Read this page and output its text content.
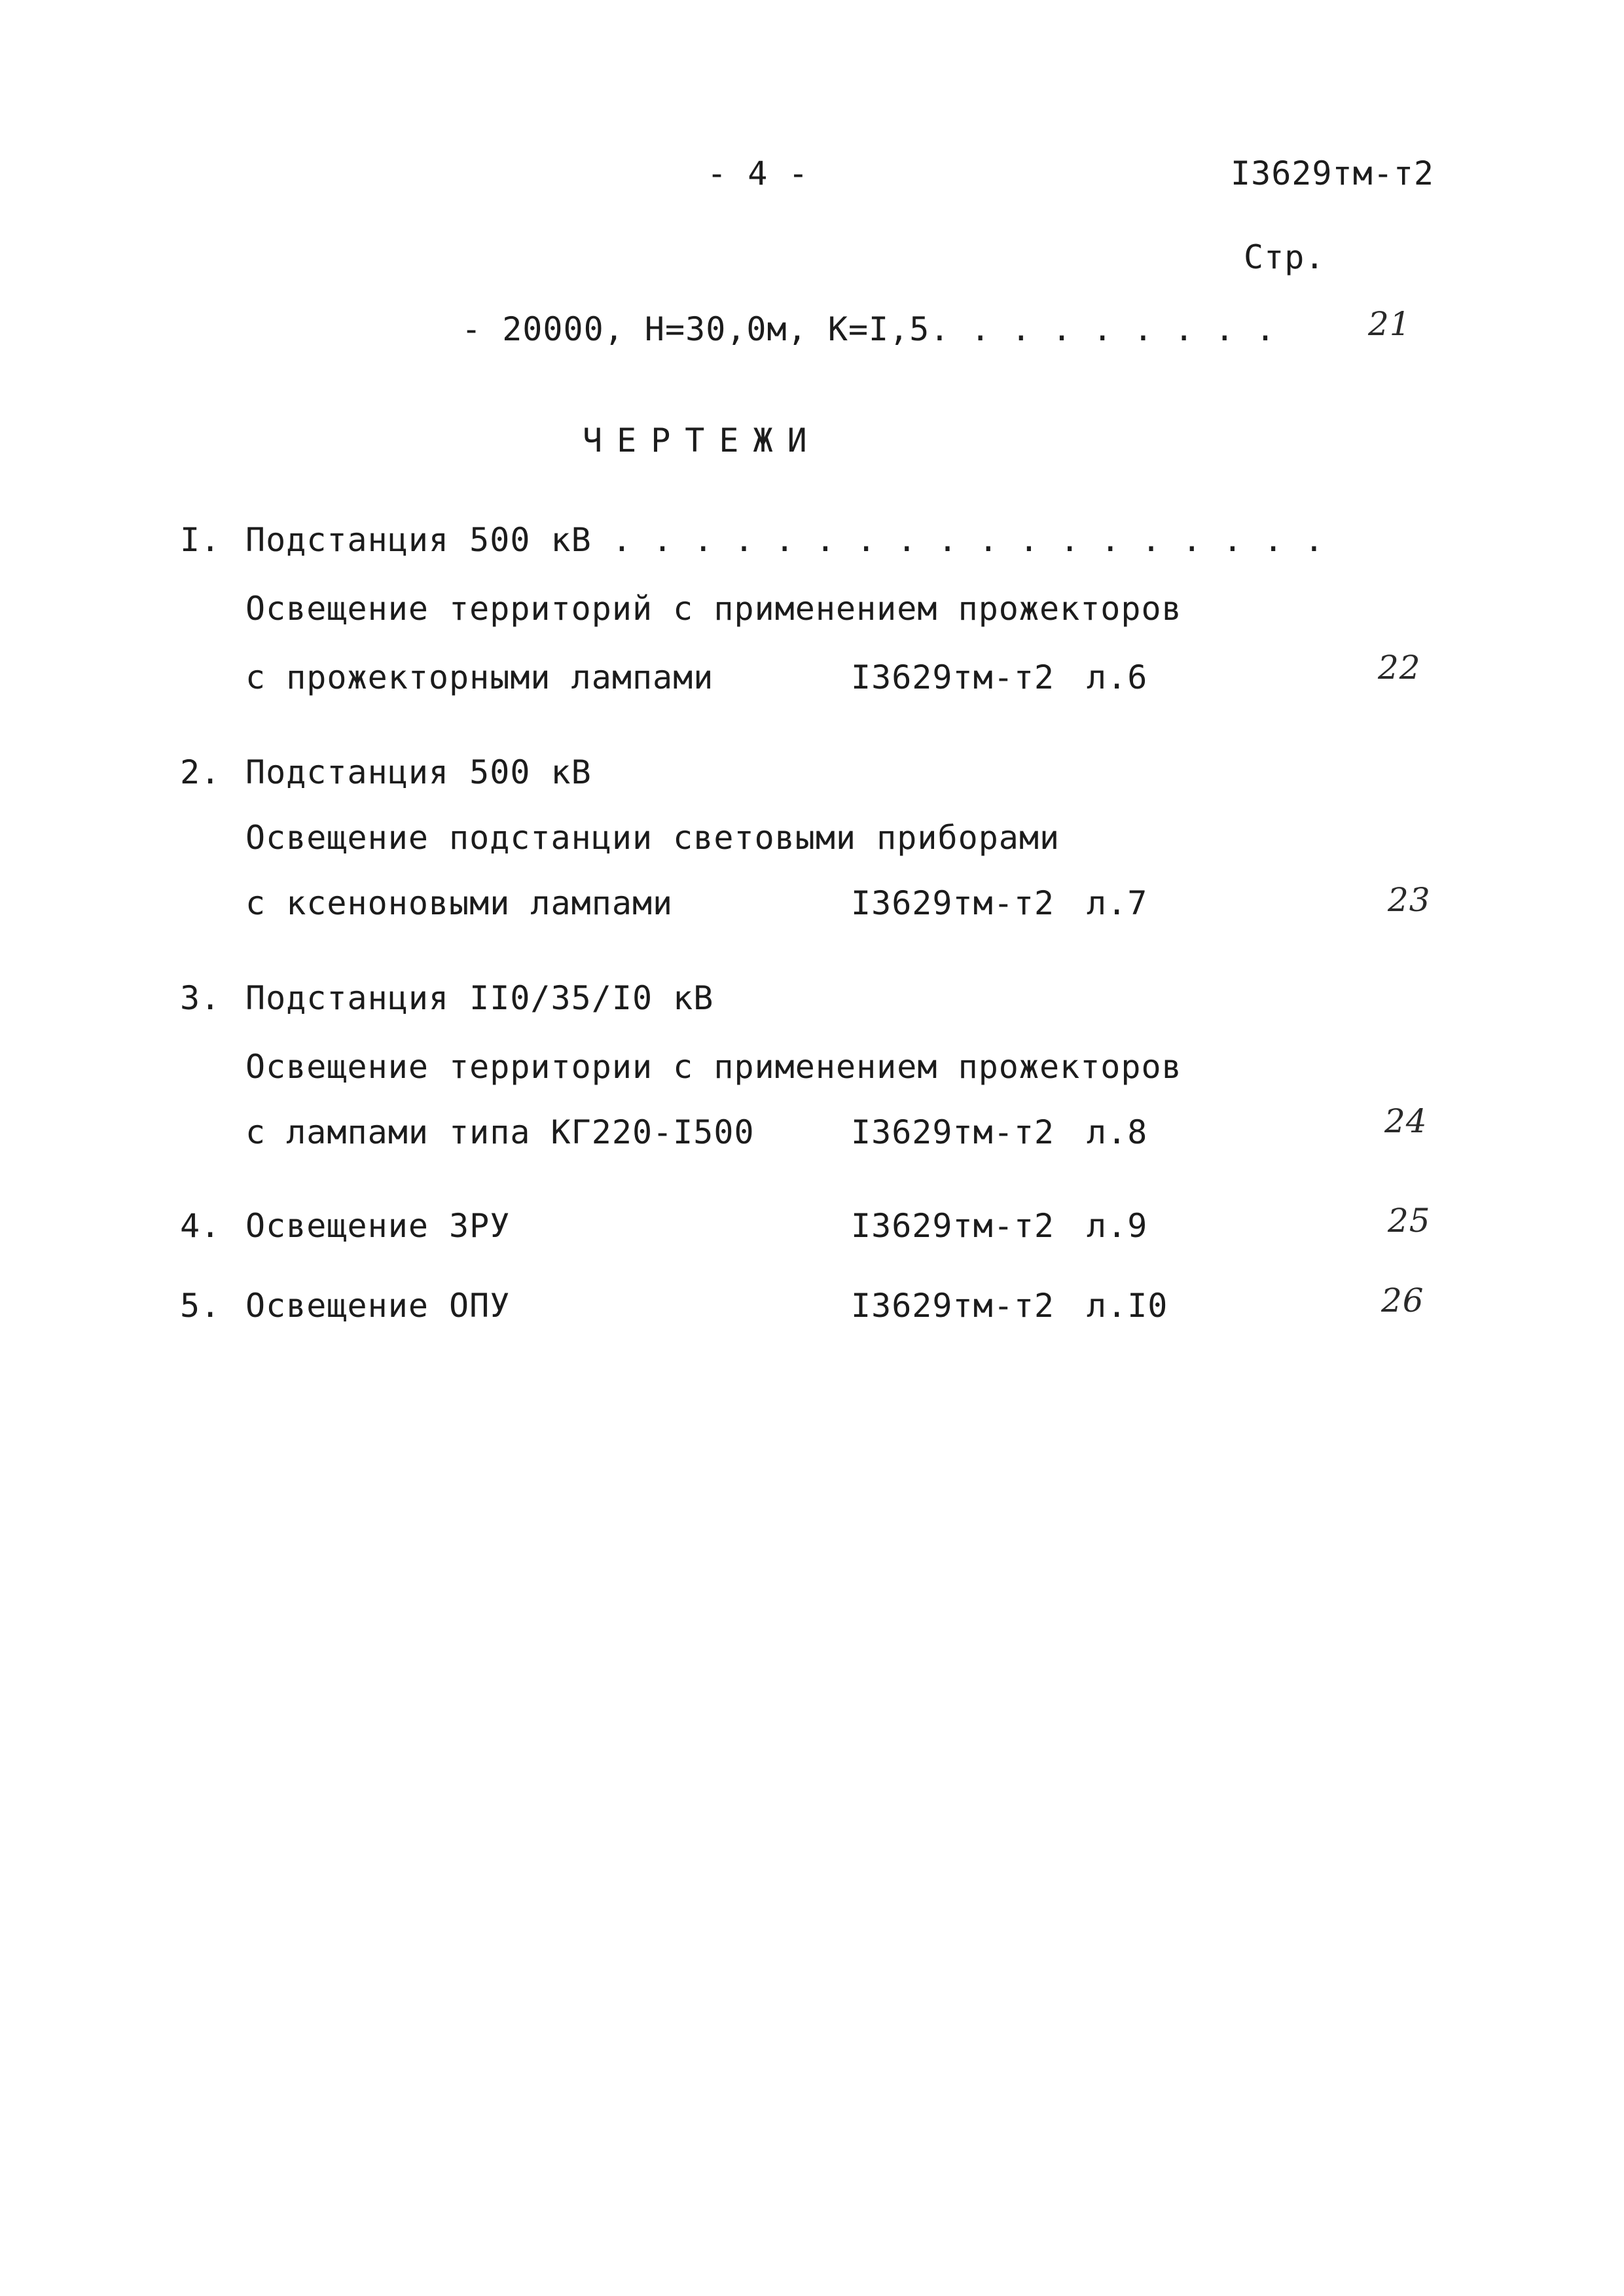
- 4 -	I3629тм-т2
Стр.
- 20000, Н=30,0м, К=I,5. . . . . . . . .	21
ЧЕРТЕЖИ
I. Подстанция 500 кВ . . . . . . . . . . . . . . . . . .
Освещение территорий с применением прожекторов
с прожекторными лампами	I3629тм-т2 л.6	22
2. Подстанция 500 кВ
Освещение подстанции световыми приборами
с ксеноновыми лампами	I3629тм-т2 л.7	23
3. Подстанция II0/35/I0 кВ
Освещение территории с применением прожекторов
с лампами типа КГ220-I500	I3629тм-т2 л.8	24
4. Освещение ЗРУ	I3629тм-т2 л.9	25
5. Освещение ОПУ	I3629тм-т2 л.I0	26
